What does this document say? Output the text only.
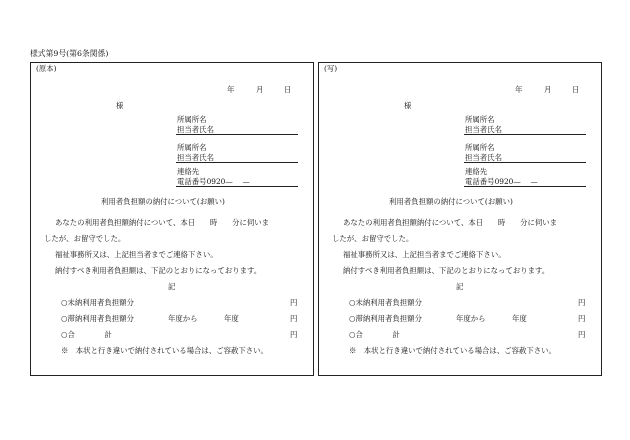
様式第9号(第6条関係)
(原本)
年	月	日
様
所属所名
担当者氏名
所属所名
担当者氏名
連絡先
電話番号0920—　 —
利用者負担額の納付について(お願い)
あなたの利用者負担額納付について、本日　　時　　分に伺いま
したが、お留守でした。
福祉事務所又は、上記担当者までご連絡下さい。
納付すべき利用者負担額は、下記のとおりになっております。
記
○未納利用者負担額分	円
○滞納利用者負担額分	年度から	年度	円
○合　　　　計	円
※　本状と行き違いで納付されている場合は、ご容赦下さい。
(写)
年	月	日
様
所属所名
担当者氏名
所属所名
担当者氏名
連絡先
電話番号0920—　 —
利用者負担額の納付について(お願い)
あなたの利用者負担額納付について、本日　　時　　分に伺いま
したが、お留守でした。
福祉事務所又は、上記担当者までご連絡下さい。
納付すべき利用者負担額は、下記のとおりになっております。
記
○未納利用者負担額分	円
○滞納利用者負担額分	年度から	年度	円
○合　　　　計	円
※　本状と行き違いで納付されている場合は、ご容赦下さい。
